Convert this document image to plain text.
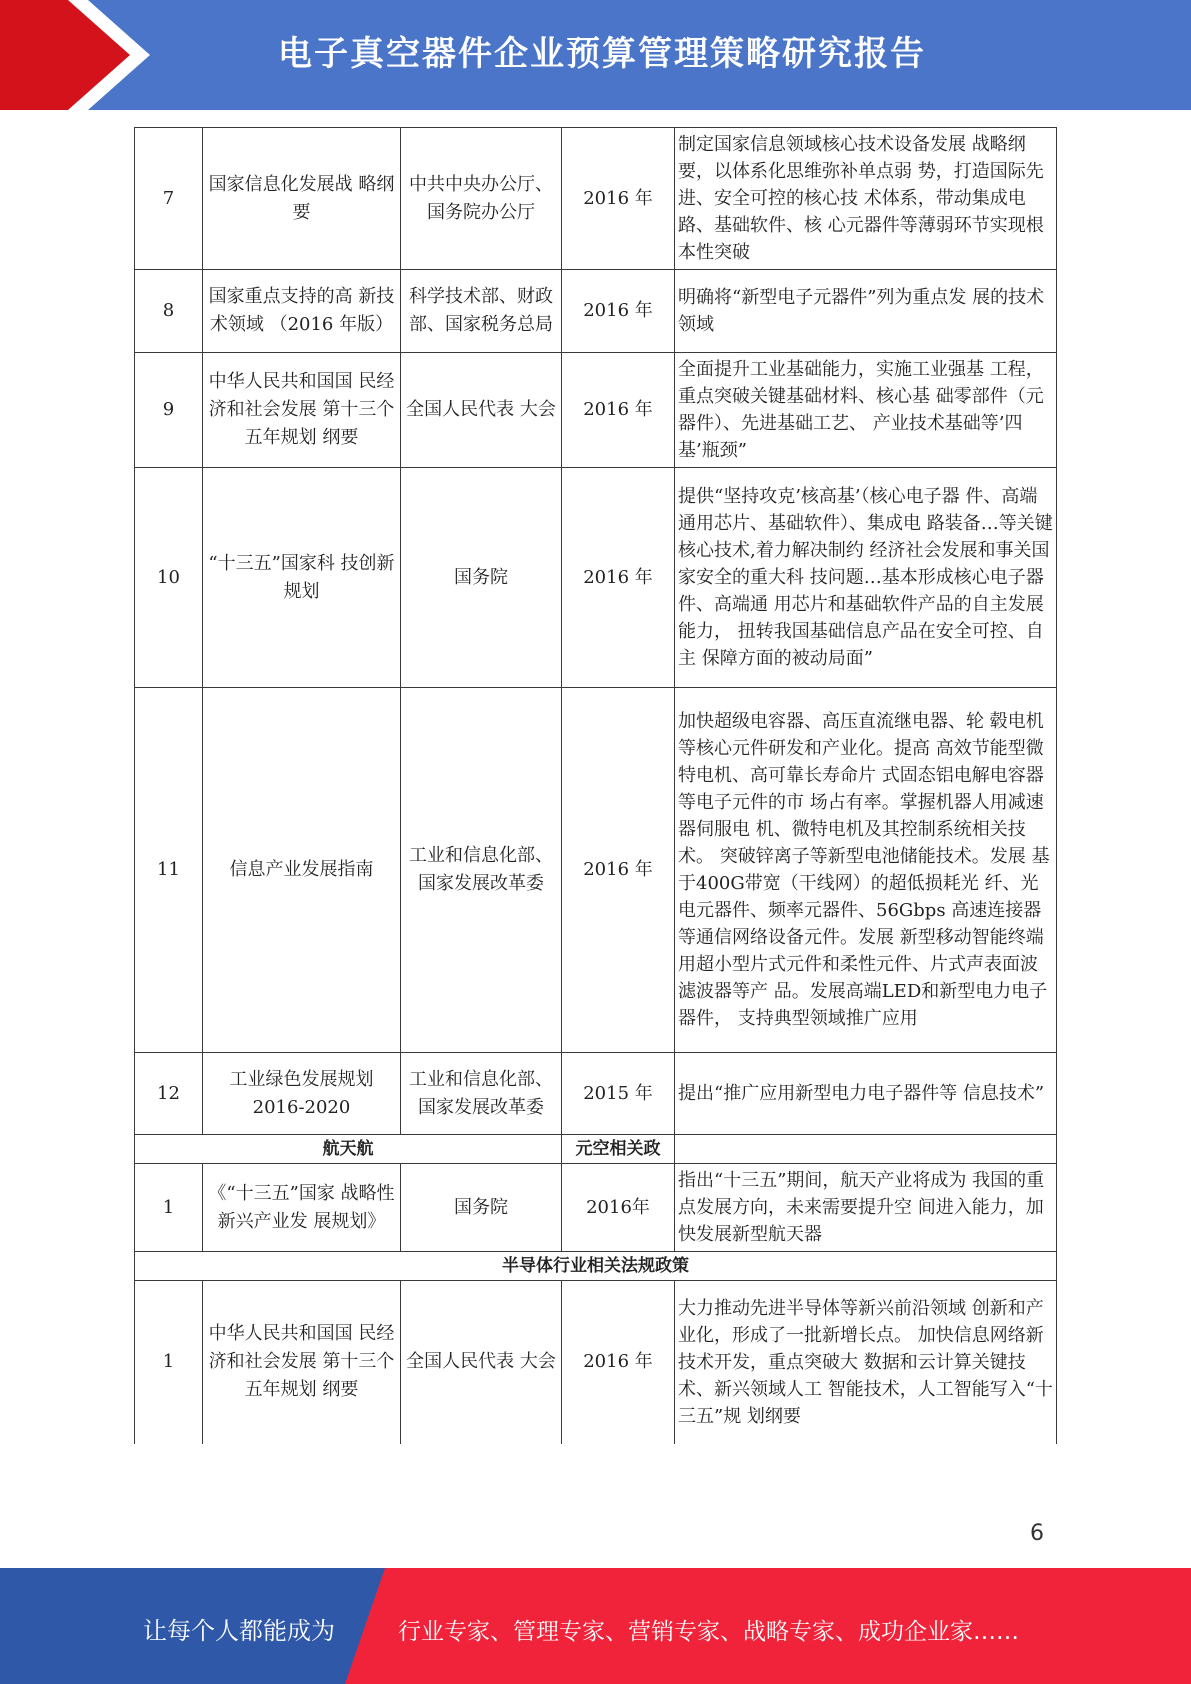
电子真空器件企业预算管理策略研究报告
7	国家信息化发展战 略纲要	中共中央办公厅、国务院办公厅	2016 年	制定国家信息领域核心技术设备发展 战略纲要，以体系化思维弥补单点弱 势，打造国际先进、安全可控的核心技 术体系，带动集成电路、基础软件、核 心元器件等薄弱环节实现根本性突破
8	国家重点支持的高 新技术领域 （2016 年版）	科学技术部、财政部、国家税务总局	2016 年	明确将“新型电子元器件”列为重点发 展的技术领域
9	中华人民共和国国 民经济和社会发展 第十三个五年规划 纲要	全国人民代表 大会	2016 年	全面提升工业基础能力，实施工业强基 工程，重点突破关键基础材料、核心基 础零部件（元器件）、先进基础工艺、 产业技术基础等’四基’瓶颈”
10	“十三五”国家科 技创新规划	国务院	2016 年	提供“坚持攻克’核高基’（核心电子器 件、高端通用芯片、基础软件）、集成电 路装备…等关键核心技术,着力解决制约 经济社会发展和事关国家安全的重大科 技问题…基本形成核心电子器件、高端通 用芯片和基础软件产品的自主发展能力， 扭转我国基础信息产品在安全可控、自主 保障方面的被动局面”
11	信息产业发展指南	工业和信息化部、国家发展改革委	2016 年	加快超级电容器、高压直流继电器、轮 毂电机等核心元件研发和产业化。提高 高效节能型微特电机、高可靠长寿命片 式固态铝电解电容器等电子元件的市 场占有率。掌握机器人用减速器伺服电 机、微特电机及其控制系统相关技术。 突破锌离子等新型电池储能技术。发展 基于400G带宽（干线网）的超低损耗光 纤、光电元器件、频率元器件、56Gbps 高速连接器等通信网络设备元件。发展 新型移动智能终端用超小型片式元件和柔性元件、片式声表面波滤波器等产 品。发展高端LED和新型电力电子器件， 支持典型领域推广应用
12	工业绿色发展规划 2016-2020	工业和信息化部、国家发展改革委	2015 年	提出“推广应用新型电力电子器件等 信息技术”
航天航			元空相关政	
1	《“十三五”国家 战略性新兴产业发 展规划》	国务院	2016年	指出“十三五”期间，航天产业将成为 我国的重点发展方向，未来需要提升空 间进入能力，加快发展新型航天器
半导体行业相关法规政策				
1	中华人民共和国国 民经济和社会发展 第十三个五年规划 纲要	全国人民代表 大会	2016 年	大力推动先进半导体等新兴前沿领域 创新和产业化，形成了一批新增长点。 加快信息网络新技术开发，重点突破大 数据和云计算关键技术、新兴领域人工 智能技术，人工智能写入“十三五”规 划纲要
6
让每个人都能成为	行业专家、管理专家、营销专家、战略专家、成功企业家……
